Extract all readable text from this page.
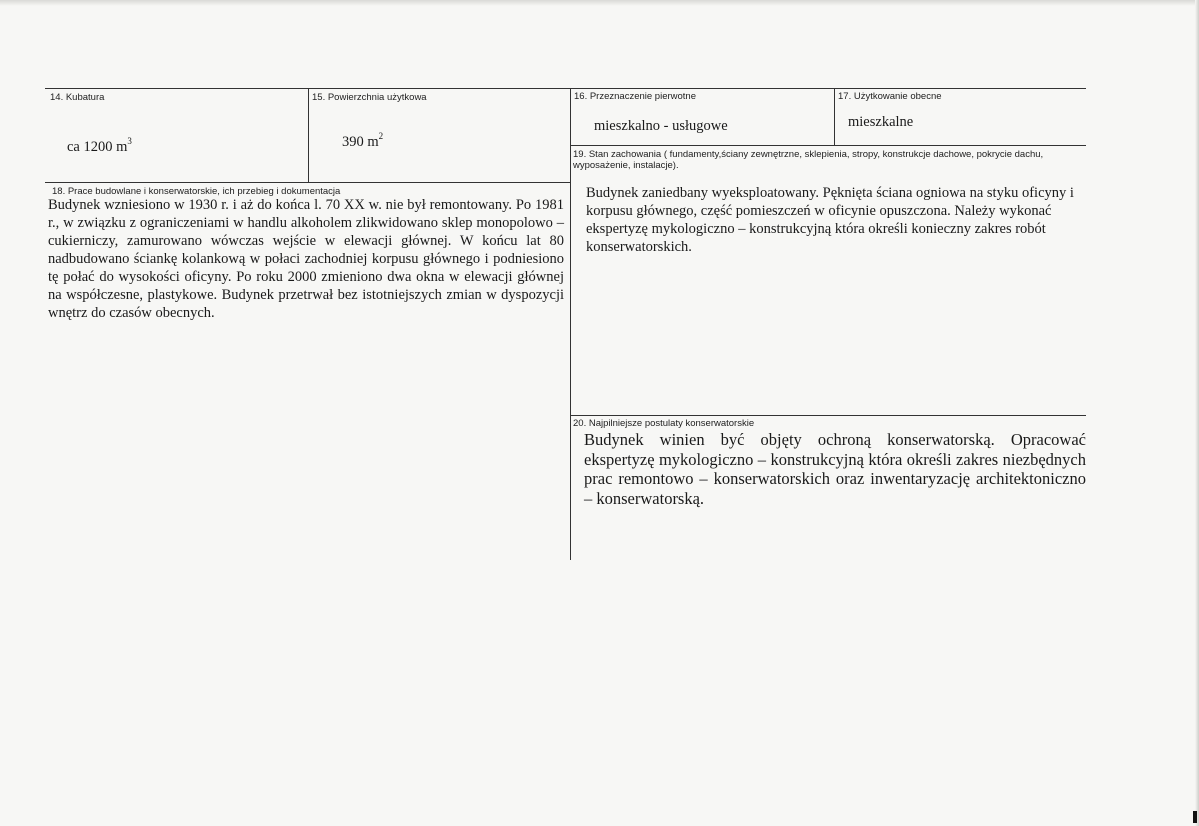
14. Kubatura
ca 1200 $m^3$
15. Powierzchnia użytkowa
390 $m^2$
16. Przeznaczenie pierwotne
mieszkalno - usługowe
17. Użytkowanie obecne
mieszkalne
18. Prace budowlane i konserwatorskie, ich przebieg i dokumentacja
Budynek wzniesiono w 1930 r. i aż do końca l. 70 XX w. nie był remontowany. Po 1981 r., w związku z ograniczeniami w handlu alkoholem zlikwidowano sklep monopolowo – cukierniczy, zamurowano wówczas wejście w elewacji głównej. W końcu lat 80 nadbudowano ściankę kolankową w połaci zachodniej korpusu głównego i podniesiono tę połać do wysokości oficyny. Po roku 2000 zmieniono dwa okna w elewacji głównej na współczesne, plastykowe. Budynek przetrwał bez istotniejszych zmian w dyspozycji wnętrz do czasów obecnych.
19. Stan zachowania ( fundamenty,ściany zewnętrzne, sklepienia, stropy, konstrukcje dachowe, pokrycie dachu, wyposażenie, instalacje).
Budynek zaniedbany wyeksploatowany. Pęknięta ściana ogniowa na styku oficyny i korpusu głównego, część pomieszczeń w oficynie opuszczona. Należy wykonać ekspertyzę mykologiczno – konstrukcyjną która określi konieczny zakres robót konserwatorskich.
20. Najpilniejsze postulaty konserwatorskie
Budynek winien być objęty ochroną konserwatorską. Opracować ekspertyzę mykologiczno – konstrukcyjną która określi zakres niezbędnych prac remontowo – konserwatorskich oraz inwentaryzację architektoniczno – konserwatorską.
